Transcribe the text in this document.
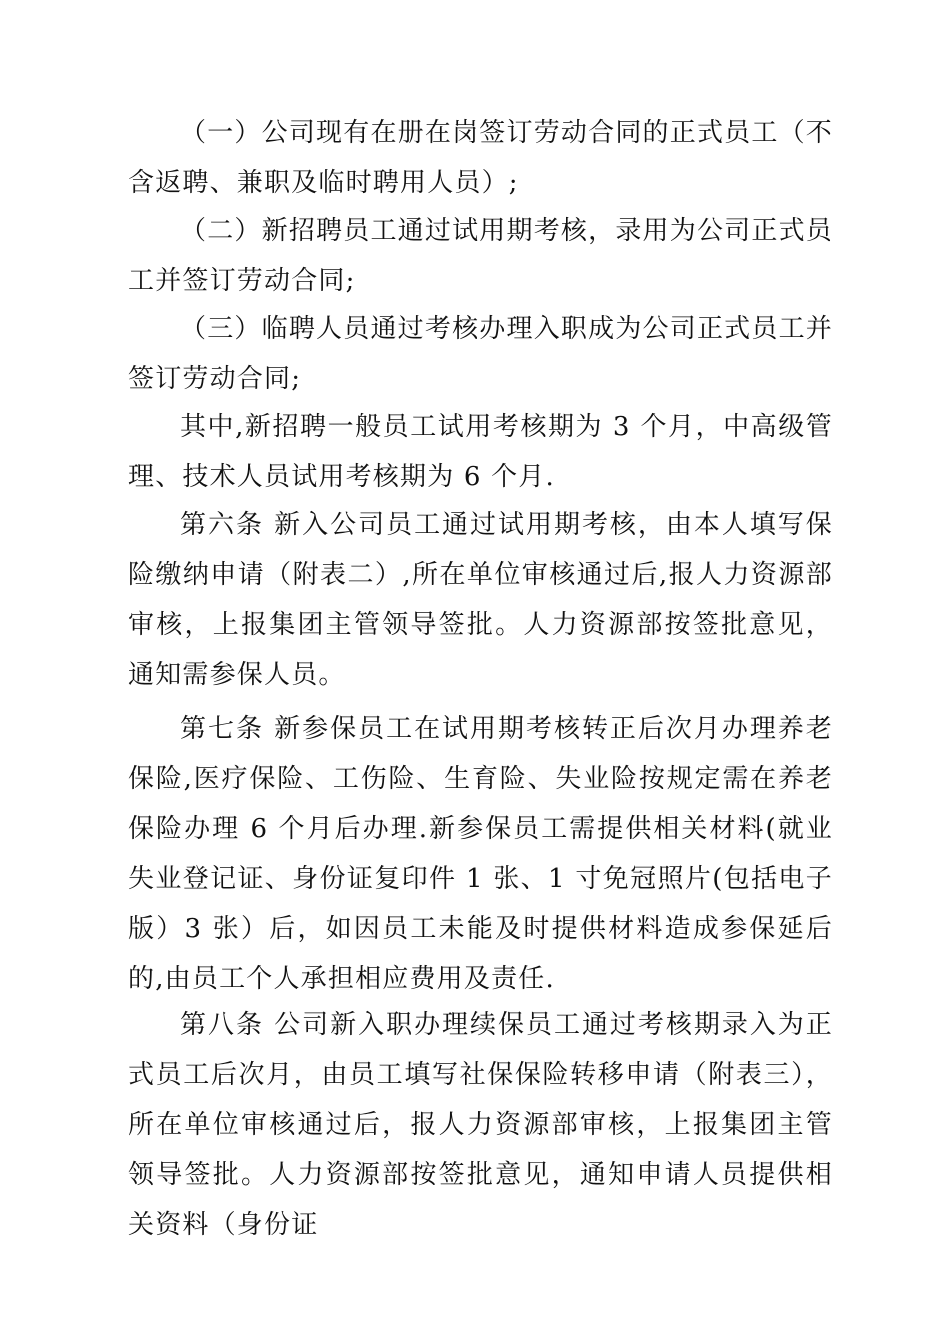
（一）公司现有在册在岗签订劳动合同的正式员工（不含返聘、兼职及临时聘用人员）;

（二）新招聘员工通过试用期考核，录用为公司正式员工并签订劳动合同;

（三）临聘人员通过考核办理入职成为公司正式员工并签订劳动合同;

其中,新招聘一般员工试用考核期为 3 个月，中高级管理、技术人员试用考核期为 6 个月.

第六条 新入公司员工通过试用期考核，由本人填写保险缴纳申请（附表二）,所在单位审核通过后,报人力资源部审核，上报集团主管领导签批。人力资源部按签批意见，通知需参保人员。

第七条 新参保员工在试用期考核转正后次月办理养老保险,医疗保险、工伤险、生育险、失业险按规定需在养老保险办理 6 个月后办理.新参保员工需提供相关材料(就业失业登记证、身份证复印件 1 张、1 寸免冠照片(包括电子版）3 张）后，如因员工未能及时提供材料造成参保延后的,由员工个人承担相应费用及责任.

第八条 公司新入职办理续保员工通过考核期录入为正式员工后次月，由员工填写社保保险转移申请（附表三），所在单位审核通过后，报人力资源部审核，上报集团主管领导签批。人力资源部按签批意见，通知申请人员提供相关资料（身份证
